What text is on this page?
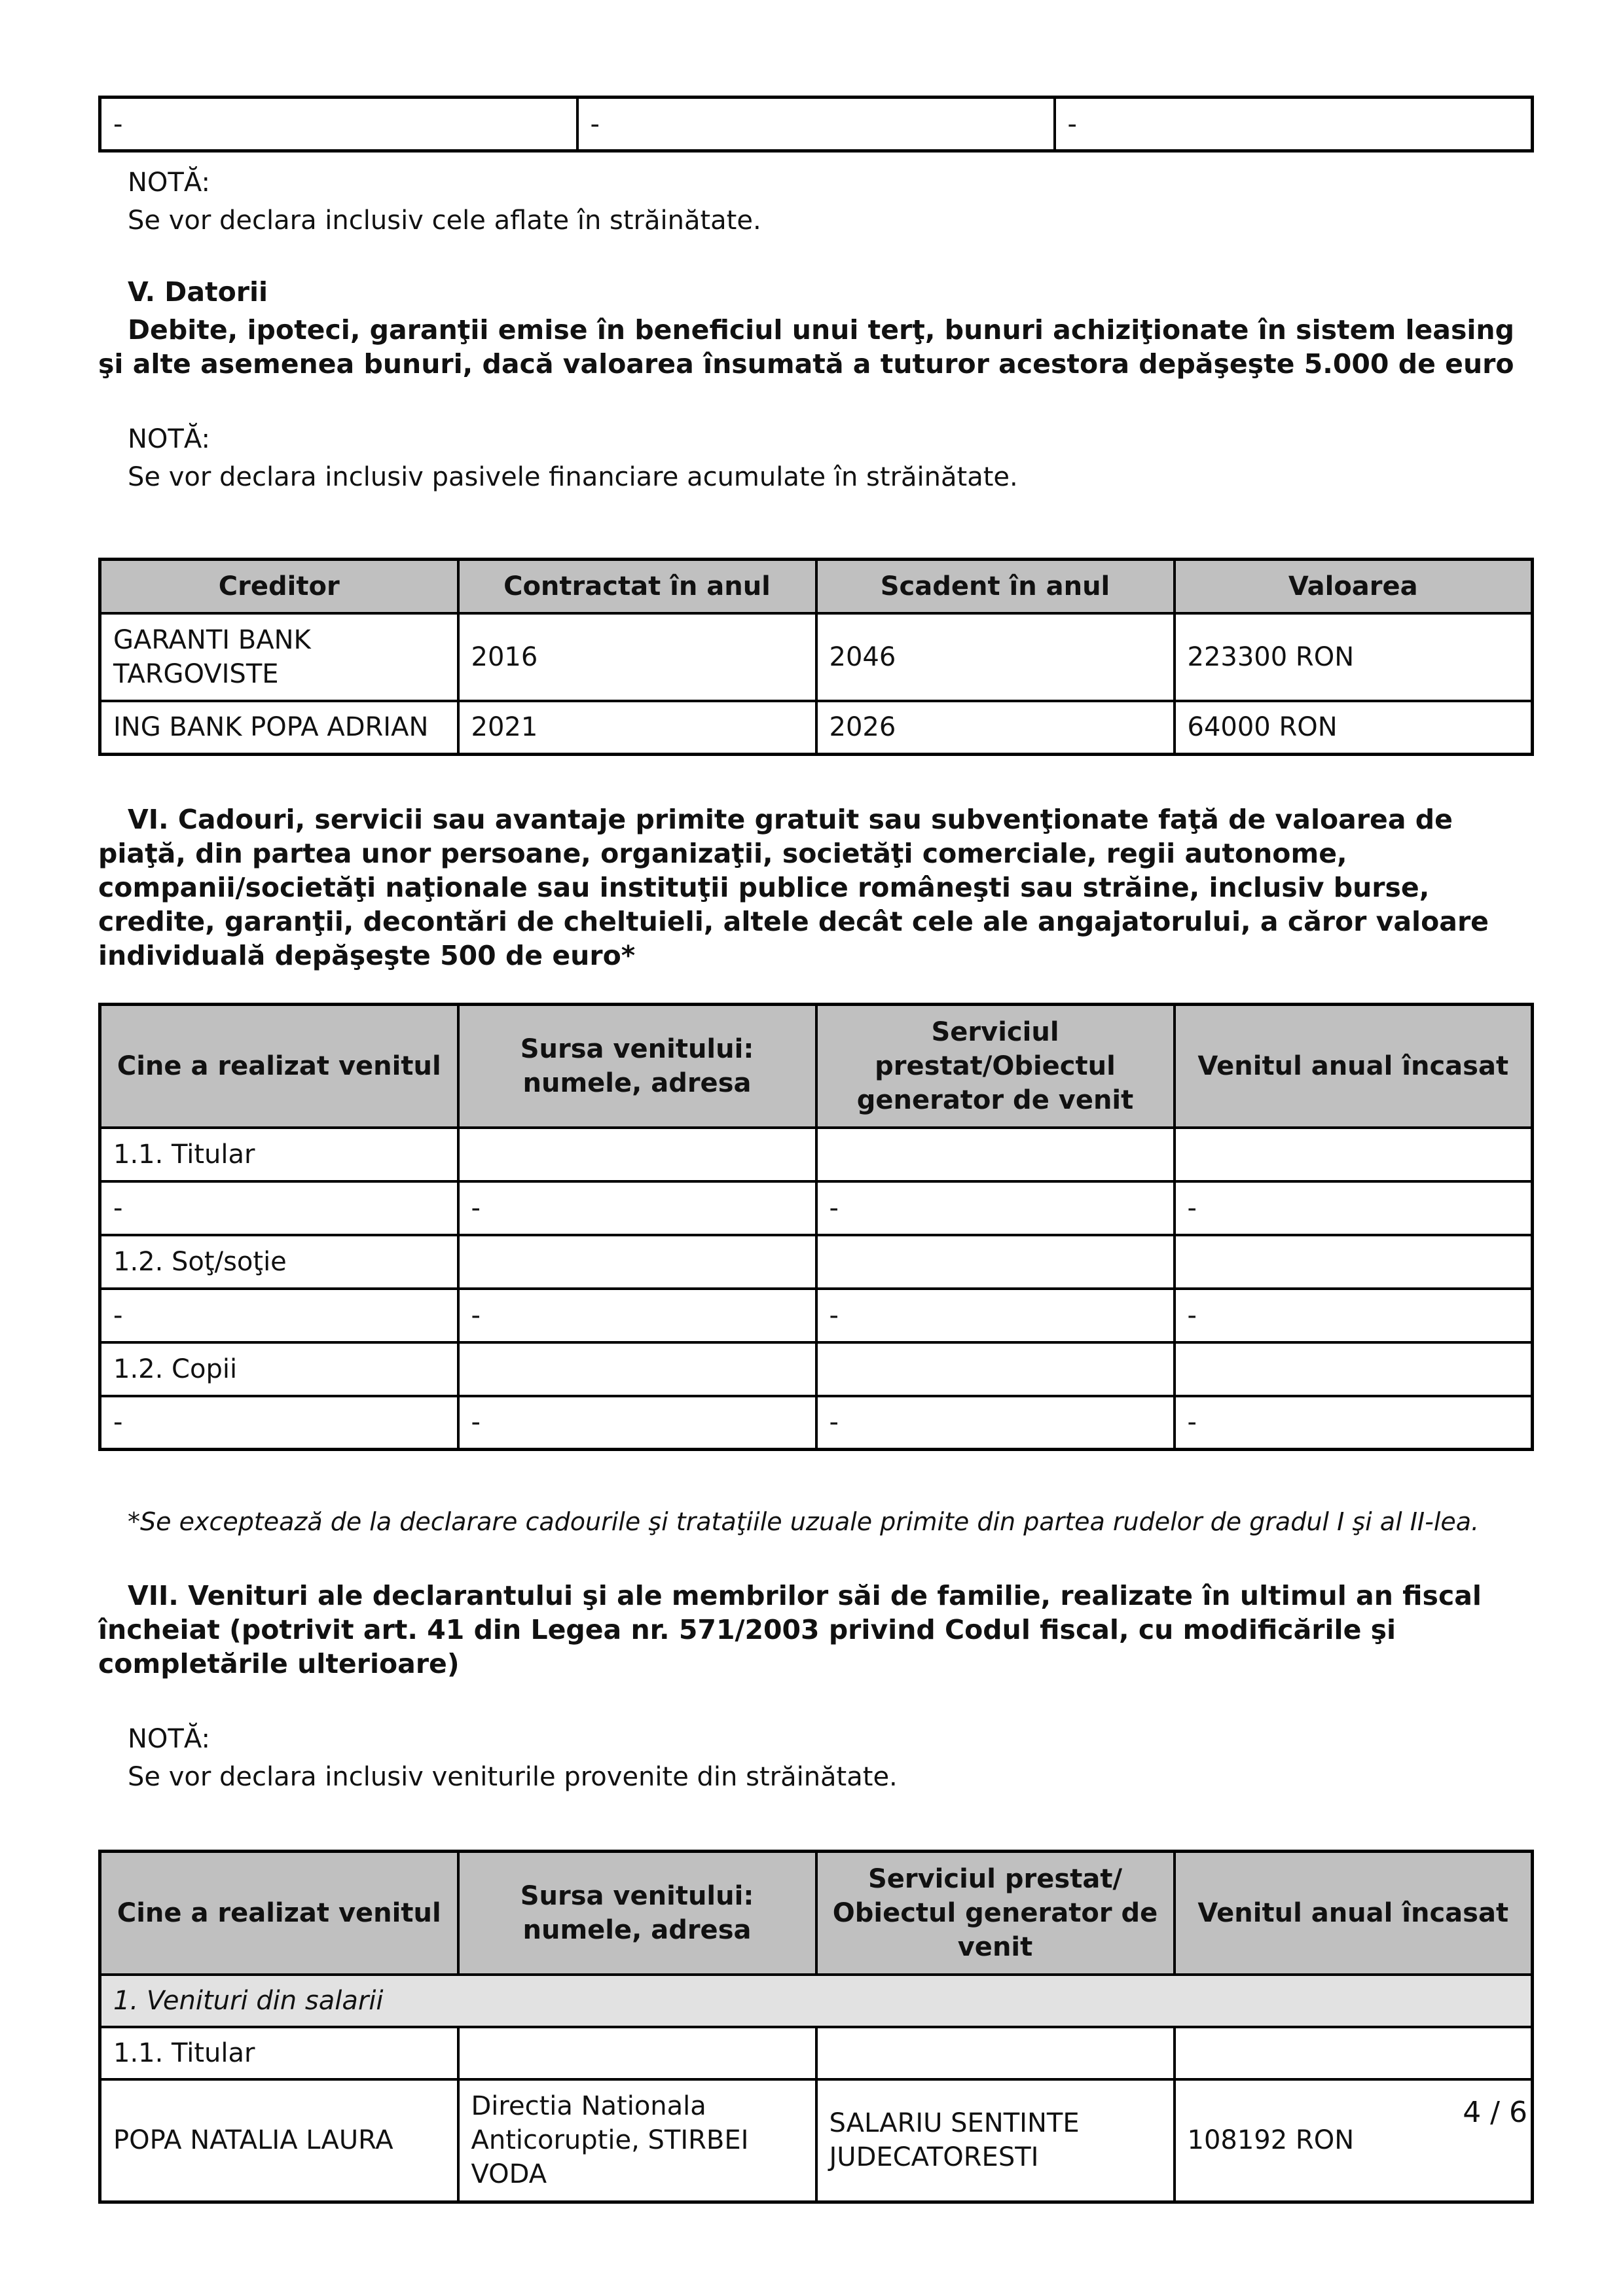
-	-	-
NOTĂ:
Se vor declara inclusiv cele aflate în străinătate.
V. Datorii
Debite, ipoteci, garanţii emise în beneficiul unui terţ, bunuri achiziţionate în sistem leasing şi alte asemenea bunuri, dacă valoarea însumată a tuturor acestora depăşeşte 5.000 de euro
NOTĂ:
Se vor declara inclusiv pasivele financiare acumulate în străinătate.
Creditor	Contractat în anul	Scadent în anul	Valoarea
GARANTI BANK TARGOVISTE	2016	2046	223300 RON
ING BANK POPA ADRIAN	2021	2026	64000 RON
VI. Cadouri, servicii sau avantaje primite gratuit sau subvenţionate faţă de valoarea de piaţă, din partea unor persoane, organizaţii, societăţi comerciale, regii autonome, companii/societăţi naţionale sau instituţii publice româneşti sau străine, inclusiv burse, credite, garanţii, decontări de cheltuieli, altele decât cele ale angajatorului, a căror valoare individuală depăşeşte 500 de euro*
Cine a realizat venitul	Sursa venitului: numele, adresa	Serviciul prestat/Obiectul generator de venit	Venitul anual încasat
1.1. Titular			
-	-	-	-
1.2. Soţ/soţie			
-	-	-	-
1.2. Copii			
-	-	-	-
*Se exceptează de la declarare cadourile şi trataţiile uzuale primite din partea rudelor de gradul I şi al II-lea.
VII. Venituri ale declarantului şi ale membrilor săi de familie, realizate în ultimul an fiscal încheiat (potrivit art. 41 din Legea nr. 571/2003 privind Codul fiscal, cu modificările şi completările ulterioare)
NOTĂ:
Se vor declara inclusiv veniturile provenite din străinătate.
Cine a realizat venitul	Sursa venitului: numele, adresa	Serviciul prestat/ Obiectul generator de venit	Venitul anual încasat
1. Venituri din salarii			
1.1. Titular			
POPA NATALIA LAURA	Directia Nationala Anticoruptie, STIRBEI VODA	SALARIU SENTINTE JUDECATORESTI	108192 RON
4 / 6
